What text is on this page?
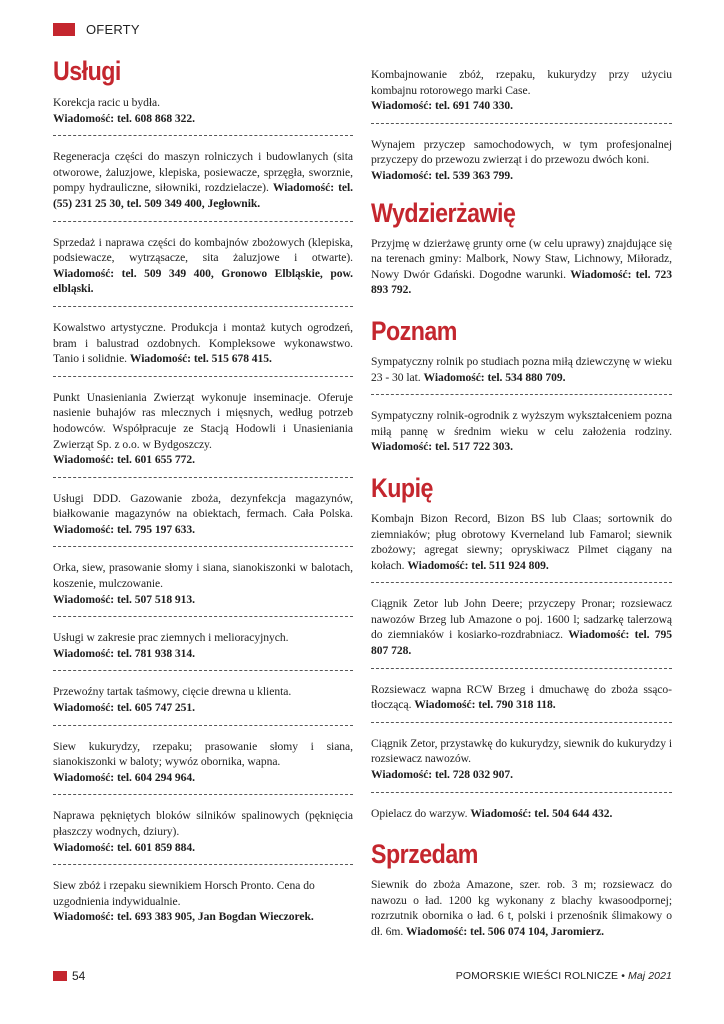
OFERTY
Usługi

Korekcja racic u bydła.
Wiadomość: tel. 608 868 322.

Regeneracja części do maszyn rolniczych i budowlanych (sita otworowe, żaluzjowe, klepiska, posiewacze, sprzęgła, sworznie, pompy hydrauliczne, siłowniki, rozdzielacze). Wiadomość: tel. (55) 231 25 30, tel. 509 349 400, Jegłownik.

Sprzedaż i naprawa części do kombajnów zbożowych (klepiska, podsiewacze, wytrząsacze, sita żaluzjowe i otwarte). Wiadomość: tel. 509 349 400, Gronowo Elbląskie, pow. elbląski.

Kowalstwo artystyczne. Produkcja i montaż kutych ogrodzeń, bram i balustrad ozdobnych. Kompleksowe wykonawstwo. Tanio i solidnie. Wiadomość: tel. 515 678 415.

Punkt Unasieniania Zwierząt wykonuje inseminacje. Oferuje nasienie buhajów ras mlecznych i mięsnych, według potrzeb hodowców. Współpracuje ze Stacją Hodowli i Unasieniania Zwierząt Sp. z o.o. w Bydgoszczy.
Wiadomość: tel. 601 655 772.

Usługi DDD. Gazowanie zboża, dezynfekcja magazynów, białkowanie magazynów na obiektach, fermach. Cała Polska. Wiadomość: tel. 795 197 633.

Orka, siew, prasowanie słomy i siana, sianokiszonki w balotach, koszenie, mulczowanie.
Wiadomość: tel. 507 518 913.

Usługi w zakresie prac ziemnych i melioracyjnych.
Wiadomość: tel. 781 938 314.

Przewoźny tartak taśmowy, cięcie drewna u klienta.
Wiadomość: tel. 605 747 251.

Siew kukurydzy, rzepaku; prasowanie słomy i siana, sianokiszonki w baloty; wywóz obornika, wapna.
Wiadomość: tel. 604 294 964.

Naprawa pękniętych bloków silników spalinowych (pęknięcia płaszczy wodnych, dziury).
Wiadomość: tel. 601 859 884.

Siew zbóż i rzepaku siewnikiem Horsch Pronto. Cena do uzgodnienia indywidualnie.
Wiadomość: tel. 693 383 905, Jan Bogdan Wieczorek.

Kombajnowanie zbóż, rzepaku, kukurydzy przy użyciu kombajnu rotorowego marki Case.
Wiadomość: tel. 691 740 330.

Wynajem przyczep samochodowych, w tym profesjonalnej przyczepy do przewozu zwierząt i do przewozu dwóch koni.
Wiadomość: tel. 539 363 799.

Wydzierżawię

Przyjmę w dzierżawę grunty orne (w celu uprawy) znajdujące się na terenach gminy: Malbork, Nowy Staw, Lichnowy, Miłoradz, Nowy Dwór Gdański. Dogodne warunki. Wiadomość: tel. 723 893 792.

Poznam

Sympatyczny rolnik po studiach pozna miłą dziewczynę w wieku 23 - 30 lat. Wiadomość: tel. 534 880 709.

Sympatyczny rolnik-ogrodnik z wyższym wykształceniem pozna miłą pannę w średnim wieku w celu założenia rodziny. Wiadomość: tel. 517 722 303.

Kupię

Kombajn Bizon Record, Bizon BS lub Claas; sortownik do ziemniaków; pług obrotowy Kverneland lub Famarol; siewnik zbożowy; agregat siewny; opryskiwacz Pilmet ciągany na kołach. Wiadomość: tel. 511 924 809.

Ciągnik Zetor lub John Deere; przyczepy Pronar; rozsiewacz nawozów Brzeg lub Amazone o poj. 1600 l; sadzarkę talerzową do ziemniaków i kosiarko-rozdrabniacz. Wiadomość: tel. 795 807 728.

Rozsiewacz wapna RCW Brzeg i dmuchawę do zboża ssąco-tłoczącą. Wiadomość: tel. 790 318 118.

Ciągnik Zetor, przystawkę do kukurydzy, siewnik do kukurydzy i rozsiewacz nawozów.
Wiadomość: tel. 728 032 907.

Opielacz do warzyw. Wiadomość: tel. 504 644 432.

Sprzedam

Siewnik do zboża Amazone, szer. rob. 3 m; rozsiewacz do nawozu o ład. 1200 kg wykonany z blachy kwasoodpornej; rozrzutnik obornika o ład. 6 t, polski i przenośnik ślimakowy o dł. 6m. Wiadomość: tel. 506 074 104, Jaromierz.

54	POMORSKIE WIEŚCI ROLNICZE • Maj 2021
